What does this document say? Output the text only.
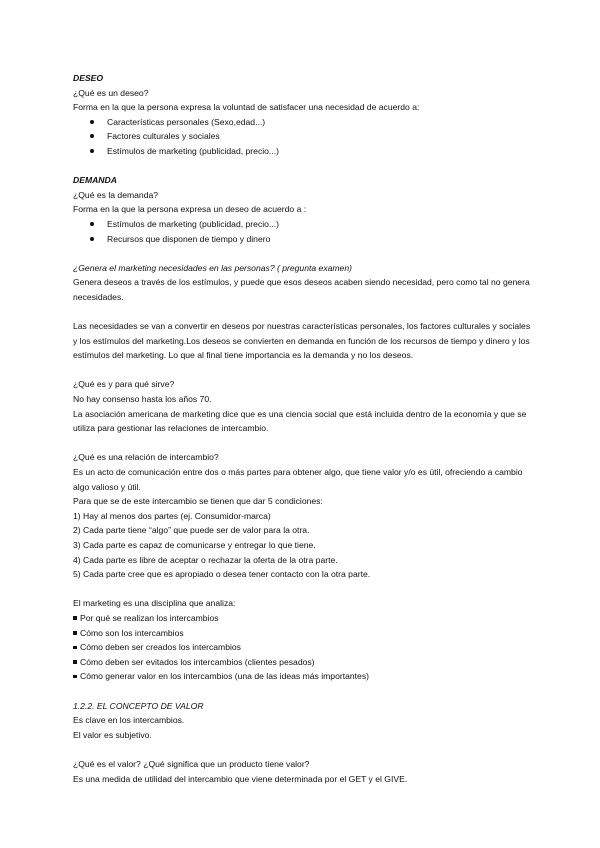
DESEO

¿Qué es un deseo?

Forma en la que la persona expresa la voluntad de satisfacer una necesidad de acuerdo a:

Características personales (Sexo,edad...)
Factores culturales y sociales
Estímulos de marketing (publicidad, precio...)

DEMANDA

¿Qué es la demanda?

Forma en la que la persona expresa un deseo de acuerdo a :

Estímulos de marketing (publicidad, precio...)
Recursos que disponen de tiempo y dinero

¿Genera el marketing necesidades en las personas? ( pregunta examen)

Genera deseos a través de los estímulos, y puede que esos deseos acaben siendo necesidad, pero como tal no genera necesidades.

Las necesidades se van a convertir en deseos por nuestras características personales, los factores culturales y sociales y los estímulos del marketing.Los deseos se convierten en demanda en función de los recursos de tiempo y dinero y los estímulos del marketing. Lo que al final tiene importancia es la demanda y no los deseos.

¿Qué es y para qué sirve?

No hay consenso hasta los años 70.

La asociación americana de marketing dice que es una ciencia social que está incluida dentro de la economía y que se utiliza para gestionar las relaciones de intercambio.

¿Qué es una relación de intercambio?

Es un acto de comunicación entre dos o más partes para obtener algo, que tiene valor y/o es útil, ofreciendo a cambio algo valioso y útil.

Para que se de este intercambio se tienen que dar 5 condiciones:

1) Hay al menos dos partes (ej. Consumidor-marca)

2) Cada parte tiene “algo” que puede ser de valor para la otra.

3) Cada parte es capaz de comunicarse y entregar lo que tiene.

4) Cada parte es libre de aceptar o rechazar la oferta de la otra parte.

5) Cada parte cree que es apropiado o desea tener contacto con la otra parte.

El marketing es una disciplina que analiza:

Por qué se realizan los intercambios
Cómo son los intercambios
Cómo deben ser creados los intercambios
Cómo deben ser evitados los intercambios (clientes pesados)
Cómo generar valor en los intercambios (una de las ideas más importantes)

1.2.2. EL CONCEPTO DE VALOR

Es clave en los intercambios.

El valor es subjetivo.

¿Qué es el valor? ¿Qué significa que un producto tiene valor?

Es una medida de utilidad del intercambio que viene determinada por el GET y el GIVE.
